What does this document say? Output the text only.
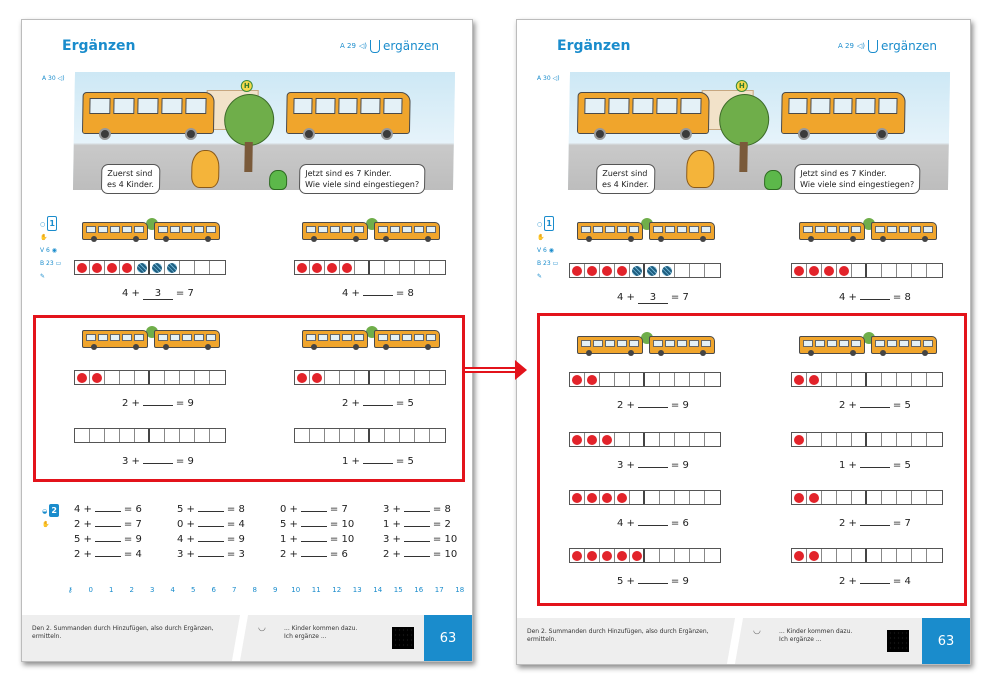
Ergänzen	A 29 ◁) ergänzen
A 30 ◁)
H
Zuerst sind
es 4 Kinder.
Jetzt sind es 7 Kinder.
Wie viele sind eingestiegen?
○ 1
✋
V 6 ◉
B 23 ▭
✎
4 + 3 = 7	4 +	= 8
2 +	= 9	2 +	= 5
3 +	= 9	1 +	= 5
◒ 2
✋
4 +	= 6	5 +	= 8	0 +	= 7	3 +	= 8
2 +	= 7	0 +	= 4	5 +	= 10	1 +	= 2
5 +	= 9	4 +	= 9	1 +	= 10	3 +	= 10
2 +	= 4	3 +	= 3	2 +	= 6	2 +	= 10
⚷	0	1	2	3	4	5	6	7	8	9	10	11	12	13	14	15	16	17	18
Den 2. Summanden durch Hinzufügen, also durch Ergänzen, ermitteln.
◡	... Kinder kommen dazu.
Ich ergänze ...	63
Ergänzen	A 29 ◁) ergänzen
A 30 ◁)
H
Zuerst sind
es 4 Kinder.
Jetzt sind es 7 Kinder.
Wie viele sind eingestiegen?
○ 1
✋
V 6 ◉
B 23 ▭
✎
4 + 3 = 7	4 +	= 8
2 +	= 9	2 +	= 5
3 +	= 9	1 +	= 5
4 +	= 6	2 +	= 7
5 +	= 9	2 +	= 4
Den 2. Summanden durch Hinzufügen, also durch Ergänzen, ermitteln.
◡	... Kinder kommen dazu.
Ich ergänze ...	63
